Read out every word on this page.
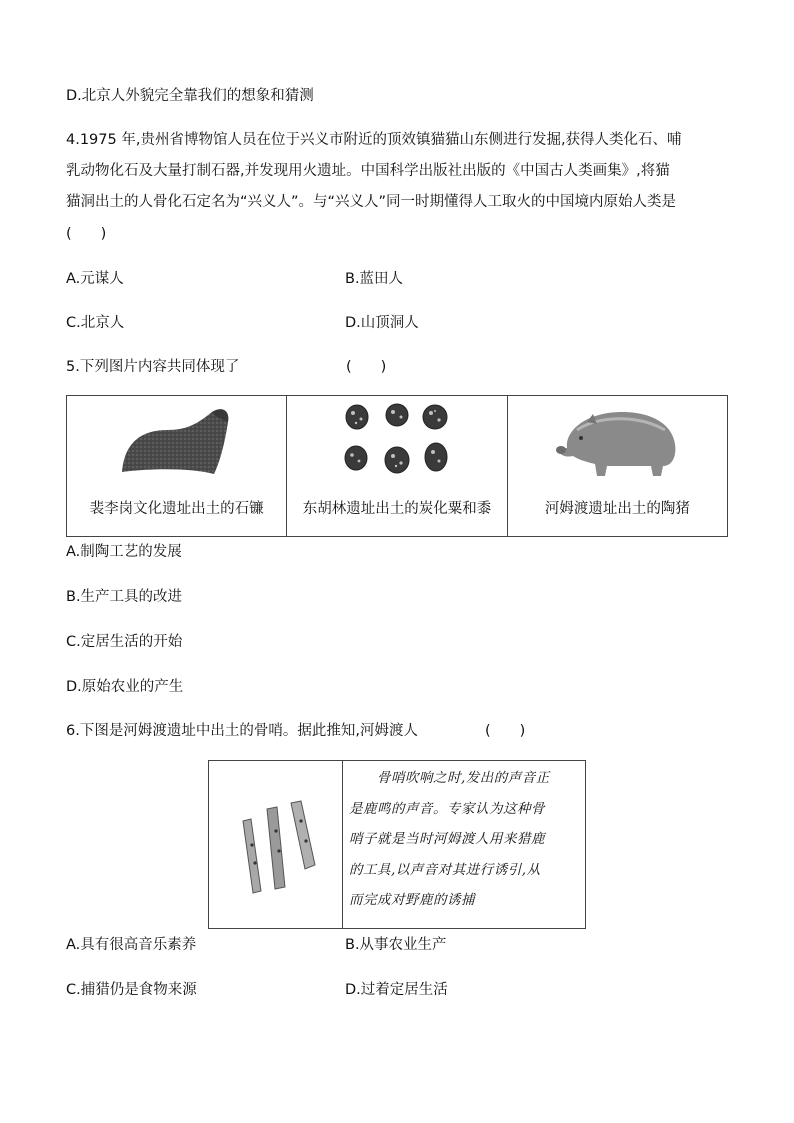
D.北京人外貌完全靠我们的想象和猜测
4.1975 年,贵州省博物馆人员在位于兴义市附近的顶效镇猫猫山东侧进行发掘,获得人类化石、哺
乳动物化石及大量打制石器,并发现用火遗址。中国科学出版社出版的《中国古人类画集》,将猫
猫洞出土的人骨化石定名为“兴义人”。与“兴义人”同一时期懂得人工取火的中国境内原始人类是
(　　)
A.元谋人	B.蓝田人
C.北京人	D.山顶洞人
5.下列图片内容共同体现了	(　　)
裴李岗文化遗址出土的石镰	东胡林遗址出土的炭化粟和黍	河姆渡遗址出土的陶猪
A.制陶工艺的发展
B.生产工具的改进
C.定居生活的开始
D.原始农业的产生
6.下图是河姆渡遗址中出土的骨哨。据此推知,河姆渡人	(　　)
　　骨哨吹响之时,发出的声音正
是鹿鸣的声音。专家认为这种骨
哨子就是当时河姆渡人用来猎鹿
的工具,以声音对其进行诱引,从
而完成对野鹿的诱捕
A.具有很高音乐素养	B.从事农业生产
C.捕猎仍是食物来源	D.过着定居生活
